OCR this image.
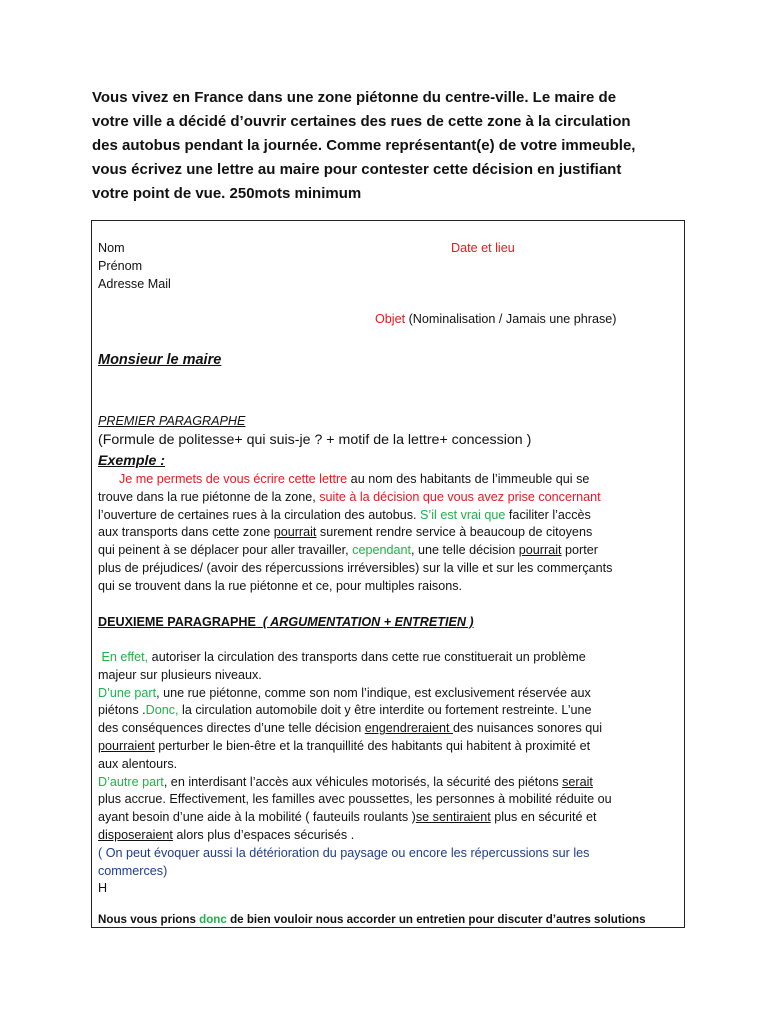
Vous vivez en France dans une zone piétonne du centre-ville. Le maire de
votre ville a décidé d’ouvrir certaines des rues de cette zone à la circulation
des autobus pendant la journée. Comme représentant(e) de votre immeuble,
vous écrivez une lettre au maire pour contester cette décision en justifiant
votre point de vue. 250mots minimum
Nom
Prénom
Adresse Mail
Date et lieu
Objet (Nominalisation / Jamais une phrase)
Monsieur le maire
PREMIER PARAGRAPHE
(Formule de politesse+ qui suis-je ? + motif de la lettre+ concession )
Exemple :
Je me permets de vous écrire cette lettre au nom des habitants de l’immeuble qui se
trouve dans la rue piétonne de la zone, suite à la décision que vous avez prise concernant
l’ouverture de certaines rues à la circulation des autobus. S’il est vrai que faciliter l’accès
aux transports dans cette zone pourrait surement rendre service à beaucoup de citoyens
qui peinent à se déplacer pour aller travailler, cependant, une telle décision pourrait porter
plus de préjudices/ (avoir des répercussions irréversibles) sur la ville et sur les commerçants
qui se trouvent dans la rue piétonne et ce, pour multiples raisons.
DEUXIEME PARAGRAPHE ( ARGUMENTATION + ENTRETIEN )
En effet, autoriser la circulation des transports dans cette rue constituerait un problème
majeur sur plusieurs niveaux.
D’une part, une rue piétonne, comme son nom l’indique, est exclusivement réservée aux
piétons .Donc, la circulation automobile doit y être interdite ou fortement restreinte. L’une
des conséquences directes d’une telle décision engendreraient des nuisances sonores qui
pourraient perturber le bien-être et la tranquillité des habitants qui habitent à proximité et
aux alentours.
D’autre part, en interdisant l’accès aux véhicules motorisés, la sécurité des piétons serait
plus accrue. Effectivement, les familles avec poussettes, les personnes à mobilité réduite ou
ayant besoin d’une aide à la mobilité ( fauteuils roulants )se sentiraient plus en sécurité et
disposeraient alors plus d’espaces sécurisés .
( On peut évoquer aussi la détérioration du paysage ou encore les répercussions sur les
commerces)
H
Nous vous prions donc de bien vouloir nous accorder un entretien pour discuter d’autres solutions
